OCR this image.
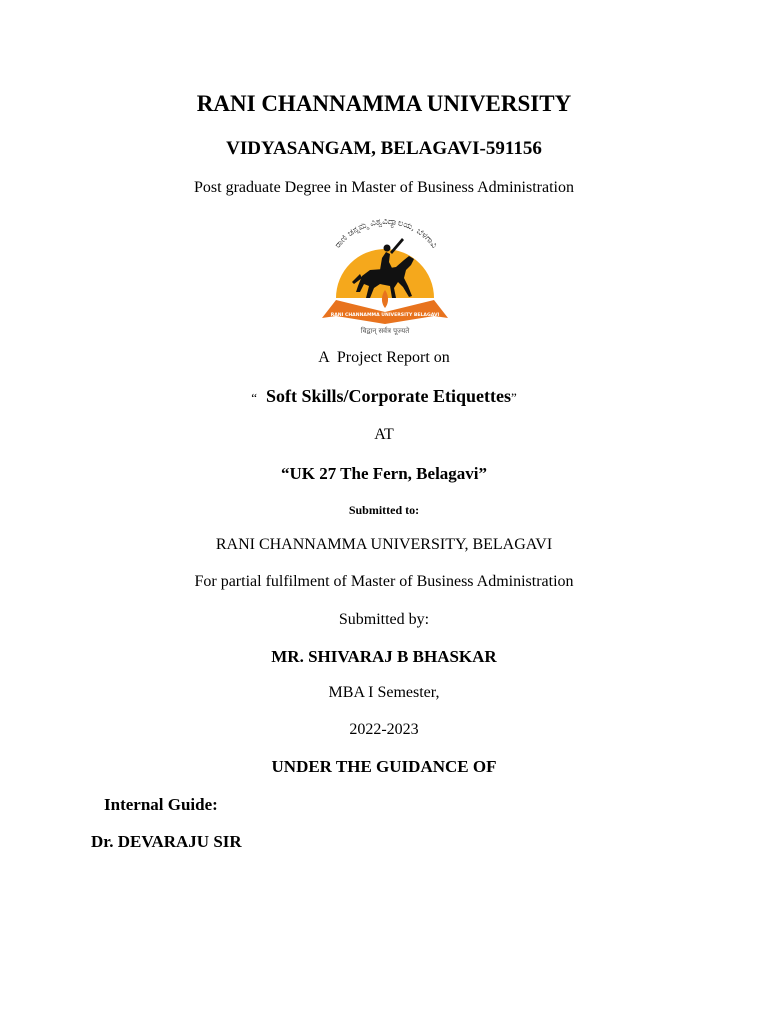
RANI CHANNAMMA UNIVERSITY
VIDYASANGAM, BELAGAVI-591156
Post graduate Degree in Master of Business Administration
ರಾಣಿ ಚನ್ನಮ್ಮ ವಿಶ್ವವಿದ್ಯಾಲಯ, ಬೆಳಗಾವಿ
RANI CHANNAMMA UNIVERSITY BELAGAVI
विद्वान् सर्वत्र पूज्यते
A  Project Report on
“ Soft Skills/Corporate Etiquettes”
AT
“UK 27 The Fern, Belagavi”
Submitted to:
RANI CHANNAMMA UNIVERSITY, BELAGAVI
For partial fulfilment of Master of Business Administration
Submitted by:
MR. SHIVARAJ B BHASKAR
MBA I Semester,
2022-2023
UNDER THE GUIDANCE OF
Internal Guide:
Dr. DEVARAJU SIR
